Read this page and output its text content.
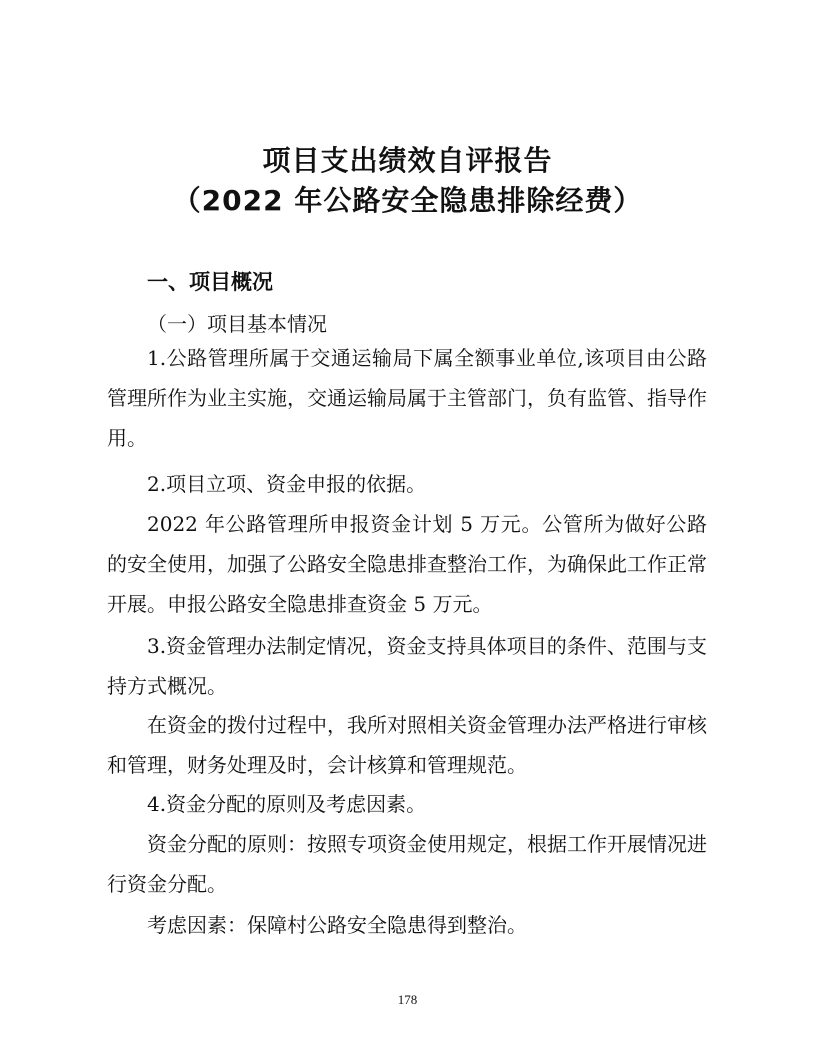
项目支出绩效自评报告
（2022 年公路安全隐患排除经费）
一、项目概况
（一）项目基本情况
1.公路管理所属于交通运输局下属全额事业单位,该项目由公路管理所作为业主实施，交通运输局属于主管部门，负有监管、指导作用。
2.项目立项、资金申报的依据。
2022 年公路管理所申报资金计划 5 万元。公管所为做好公路的安全使用，加强了公路安全隐患排查整治工作，为确保此工作正常开展。申报公路安全隐患排查资金 5 万元。
3.资金管理办法制定情况，资金支持具体项目的条件、范围与支持方式概况。
在资金的拨付过程中，我所对照相关资金管理办法严格进行审核和管理，财务处理及时，会计核算和管理规范。
4.资金分配的原则及考虑因素。
资金分配的原则：按照专项资金使用规定，根据工作开展情况进行资金分配。
考虑因素：保障村公路安全隐患得到整治。
178
